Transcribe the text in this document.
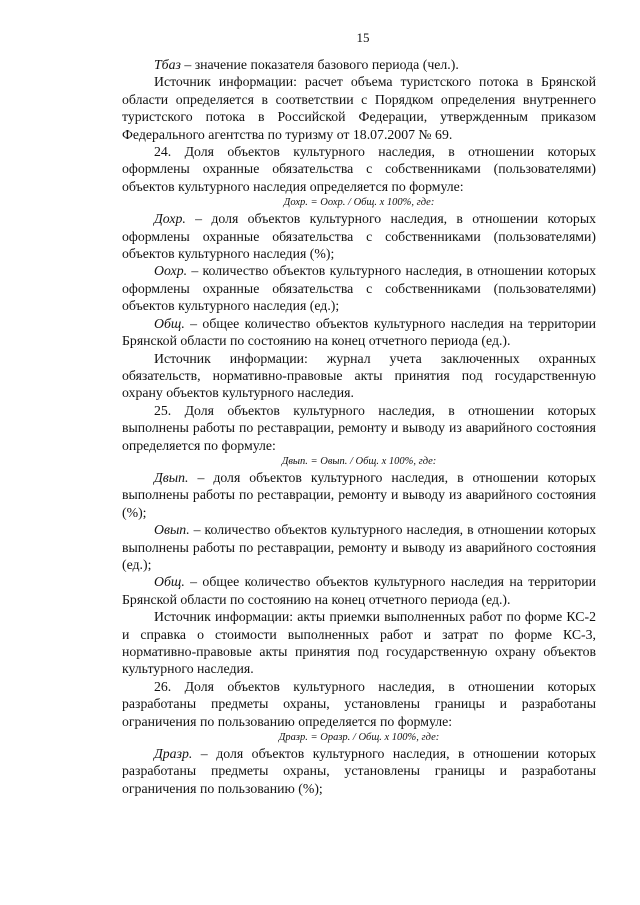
15

Tбаз – значение показателя базового периода (чел.).

Источник информации: расчет объема туристского потока в Брянской области определяется в соответствии с Порядком определения внутреннего туристского потока в Российской Федерации, утвержденным приказом Федерального агентства по туризму от 18.07.2007 № 69.

24. Доля объектов культурного наследия, в отношении которых оформлены охранные обязательства с собственниками (пользователями) объектов культурного наследия определяется по формуле:

Дохр. = Оохр. / Общ. х 100%, где:

Дохр. – доля объектов культурного наследия, в отношении которых оформлены охранные обязательства с собственниками (пользователями) объектов культурного наследия (%);

Оохр. – количество объектов культурного наследия, в отношении которых оформлены охранные обязательства с собственниками (пользователями) объектов культурного наследия (ед.);

Общ. – общее количество объектов культурного наследия на территории Брянской области по состоянию на конец отчетного периода (ед.).

Источник информации: журнал учета заключенных охранных обязательств, нормативно-правовые акты принятия под государственную охрану объектов культурного наследия.

25. Доля объектов культурного наследия, в отношении которых выполнены работы по реставрации, ремонту и выводу из аварийного состояния определяется по формуле:

Двып. = Овып. / Общ. х 100%, где:

Двып. – доля объектов культурного наследия, в отношении которых выполнены работы по реставрации, ремонту и выводу из аварийного состояния (%);

Овып. – количество объектов культурного наследия, в отношении которых выполнены работы по реставрации, ремонту и выводу из аварийного состояния (ед.);

Общ. – общее количество объектов культурного наследия на территории Брянской области по состоянию на конец отчетного периода (ед.).

Источник информации: акты приемки выполненных работ по форме КС-2 и справка о стоимости выполненных работ и затрат по форме КС-3, нормативно-правовые акты принятия под государственную охрану объектов культурного наследия.

26. Доля объектов культурного наследия, в отношении которых разработаны предметы охраны, установлены границы и разработаны ограничения по пользованию определяется по формуле:

Дразр. = Оразр. / Общ. х 100%, где:

Дразр. – доля объектов культурного наследия, в отношении которых разработаны предметы охраны, установлены границы и разработаны ограничения по пользованию (%);
